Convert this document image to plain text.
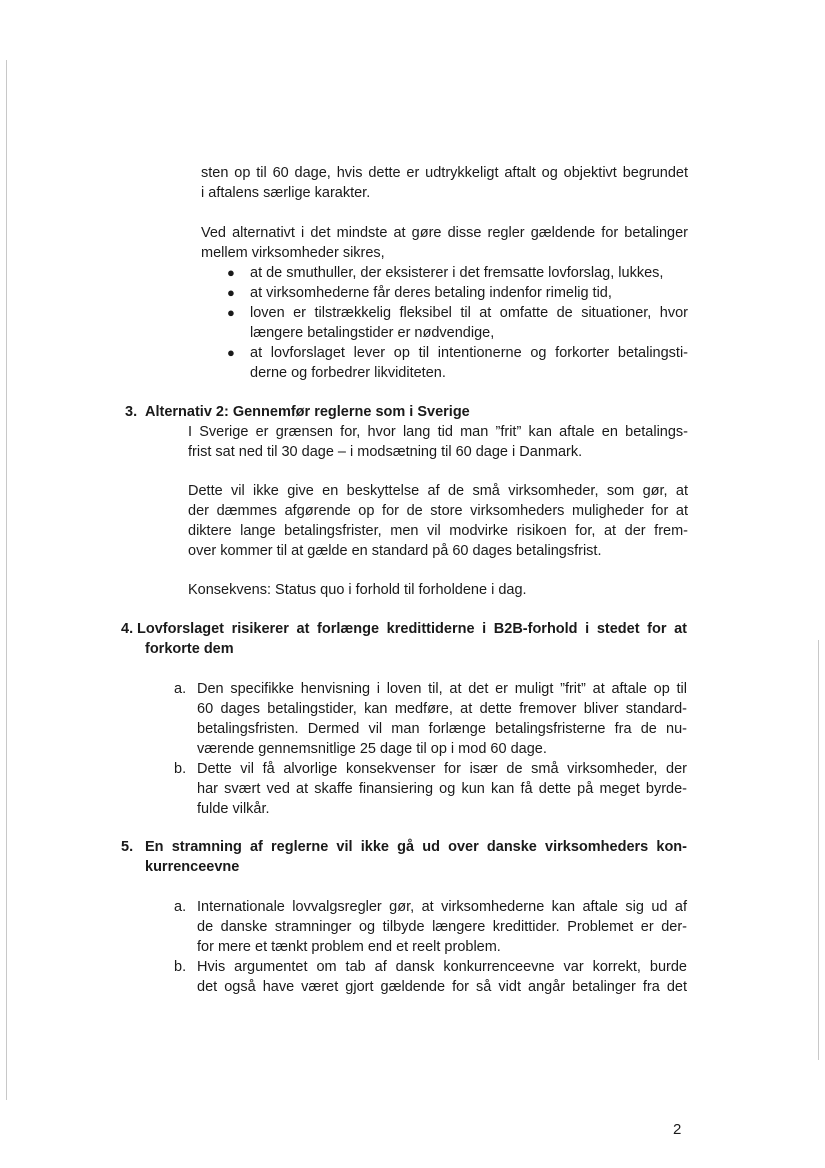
sten op til 60 dage, hvis dette er udtrykkeligt aftalt og objektivt begrundet
i aftalens særlige karakter.
Ved alternativt i det mindste at gøre disse regler gældende for betalinger
mellem virksomheder sikres,
● at de smuthuller, der eksisterer i det fremsatte lovforslag, lukkes,
● at virksomhederne får deres betaling indenfor rimelig tid,
● loven er tilstrækkelig fleksibel til at omfatte de situationer, hvor
længere betalingstider er nødvendige,
● at lovforslaget lever op til intentionerne og forkorter betalingsti-
derne og forbedrer likviditeten.
3. Alternativ 2: Gennemfør reglerne som i Sverige
I Sverige er grænsen for, hvor lang tid man ”frit” kan aftale en betalings-
frist sat ned til 30 dage – i modsætning til 60 dage i Danmark.
Dette vil ikke give en beskyttelse af de små virksomheder, som gør, at
der dæmmes afgørende op for de store virksomheders muligheder for at
diktere lange betalingsfrister, men vil modvirke risikoen for, at der frem-
over kommer til at gælde en standard på 60 dages betalingsfrist.
Konsekvens: Status quo i forhold til forholdene i dag.
4. Lovforslaget risikerer at forlænge kredittiderne i B2B-forhold i stedet for at
forkorte dem
a. Den specifikke henvisning i loven til, at det er muligt ”frit” at aftale op til
60 dages betalingstider, kan medføre, at dette fremover bliver standard-
betalingsfristen. Dermed vil man forlænge betalingsfristerne fra de nu-
værende gennemsnitlige 25 dage til op i mod 60 dage.
b. Dette vil få alvorlige konsekvenser for især de små virksomheder, der
har svært ved at skaffe finansiering og kun kan få dette på meget byrde-
fulde vilkår.
5. En stramning af reglerne vil ikke gå ud over danske virksomheders kon-
kurrenceevne
a. Internationale lovvalgsregler gør, at virksomhederne kan aftale sig ud af
de danske stramninger og tilbyde længere kredittider. Problemet er der-
for mere et tænkt problem end et reelt problem.
b. Hvis argumentet om tab af dansk konkurrenceevne var korrekt, burde
det også have været gjort gældende for så vidt angår betalinger fra det
2
